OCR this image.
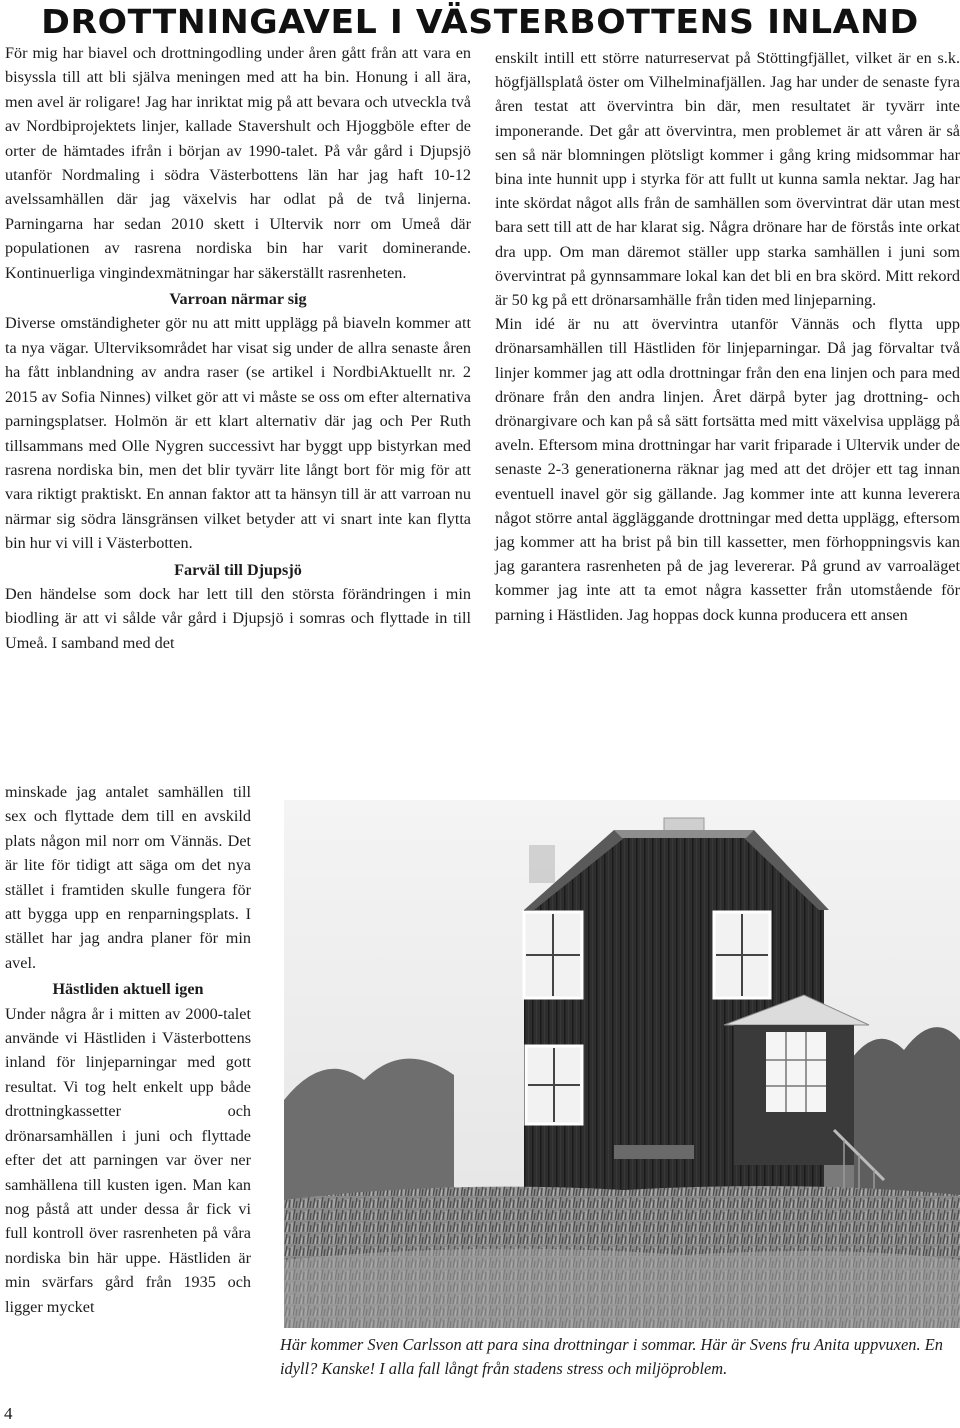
DROTTNINGAVEL I VÄSTERBOTTENS INLAND

För mig har biavel och drottningodling under åren gått från att vara en bisyssla till att bli själva meningen med att ha bin. Honung i all ära, men avel är roligare! Jag har inriktat mig på att bevara och utveckla två av Nordbiprojektets linjer, kallade Stavershult och Hjoggböle efter de orter de hämtades ifrån i början av 1990-talet. På vår gård i Djupsjö utanför Nordmaling i södra Västerbottens län har jag haft 10-12 avelssamhällen där jag växelvis har odlat på de två linjerna. Parningarna har sedan 2010 skett i Ultervik norr om Umeå där populationen av rasrena nordiska bin har varit dominerande. Kontinuerliga vingindexmätningar har säkerställt rasrenheten.

Varroan närmar sig

Diverse omständigheter gör nu att mitt upplägg på biaveln kommer att ta nya vägar. Ulterviksområdet har visat sig under de allra senaste åren ha fått inblandning av andra raser (se artikel i NordbiAktuellt nr. 2 2015 av Sofia Ninnes) vilket gör att vi måste se oss om efter alternativa parningsplatser. Holmön är ett klart alternativ där jag och Per Ruth tillsammans med Olle Nygren successivt har byggt upp bistyrkan med rasrena nordiska bin, men det blir tyvärr lite långt bort för mig för att vara riktigt praktiskt. En annan faktor att ta hänsyn till är att varroan nu närmar sig södra länsgränsen vilket betyder att vi snart inte kan flytta bin hur vi vill i Västerbotten.

Farväl till Djupsjö

Den händelse som dock har lett till den största förändringen i min biodling är att vi sålde vår gård i Djupsjö i somras och flyttade in till Umeå. I samband med det

minskade jag antalet samhällen till sex och flyttade dem till en avskild plats någon mil norr om Vännäs. Det är lite för tidigt att säga om det nya stället i framtiden skulle fungera för att bygga upp en renparningsplats. I stället har jag andra planer för min avel.

Hästliden aktuell igen

Under några år i mitten av 2000-talet använde vi Hästliden i Västerbottens inland för linjeparningar med gott resultat. Vi tog helt enkelt upp både drottningkassetter och drönarsamhällen i juni och flyttade efter det att parningen var över ner samhällena till kusten igen. Man kan nog påstå att under dessa år fick vi full kontroll över rasrenheten på våra nordiska bin här uppe. Hästliden är min svärfars gård från 1935 och ligger mycket

enskilt intill ett större naturreservat på Stöttingfjället, vilket är en s.k. högfjällsplatå öster om Vilhelminafjällen. Jag har under de senaste fyra åren testat att övervintra bin där, men resultatet är tyvärr inte imponerande. Det går att övervintra, men problemet är att våren är så sen så när blomningen plötsligt kommer i gång kring midsommar har bina inte hunnit upp i styrka för att fullt ut kunna samla nektar. Jag har inte skördat något alls från de samhällen som övervintrat där utan mest bara sett till att de har klarat sig. Några drönare har de förstås inte orkat dra upp. Om man däremot ställer upp starka samhällen i juni som övervintrat på gynnsammare lokal kan det bli en bra skörd. Mitt rekord är 50 kg på ett drönarsamhälle från tiden med linjeparning.

Min idé är nu att övervintra utanför Vännäs och flytta upp drönarsamhällen till Hästliden för linjeparningar. Då jag förvaltar två linjer kommer jag att odla drottningar från den ena linjen och para med drönare från den andra linjen. Året därpå byter jag drottning- och drönargivare och kan på så sätt fortsätta med mitt växelvisa upplägg på aveln. Eftersom mina drottningar har varit friparade i Ultervik under de senaste 2-3 generationerna räknar jag med att det dröjer ett tag innan eventuell inavel gör sig gällande. Jag kommer inte att kunna leverera något större antal äggläggande drottningar med detta upplägg, eftersom jag kommer att ha brist på bin till kassetter, men förhoppningsvis kan jag garantera rasrenheten på de jag levererar. På grund av varroaläget kommer jag inte att ta emot några kassetter från utomstående för parning i Hästliden. Jag hoppas dock kunna producera ett ansen

Här kommer Sven Carlsson att para sina drottningar i sommar. Här är Svens fru Anita uppvuxen. En idyll? Kanske! I alla fall långt från stadens stress och miljöproblem.

4
